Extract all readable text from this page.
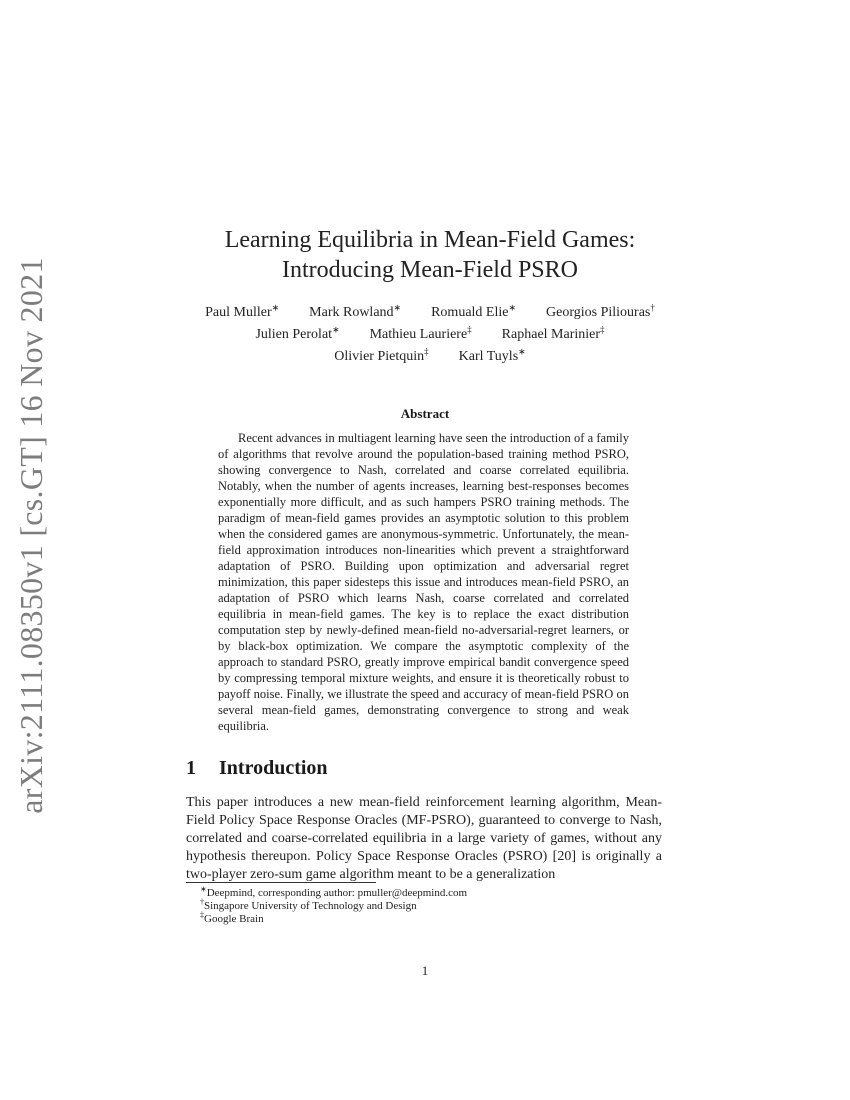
arXiv:2111.08350v1 [cs.GT] 16 Nov 2021
Learning Equilibria in Mean-Field Games:
Introducing Mean-Field PSRO
Paul Muller∗ Mark Rowland∗ Romuald Elie∗ Georgios Piliouras†
Julien Perolat∗ Mathieu Lauriere‡ Raphael Marinier‡
Olivier Pietquin‡ Karl Tuyls∗
Abstract

Recent advances in multiagent learning have seen the introduction of a family of algorithms that revolve around the population-based training method PSRO, showing convergence to Nash, correlated and coarse correlated equilibria. Notably, when the number of agents increases, learning best-responses becomes exponentially more difficult, and as such hampers PSRO training methods. The paradigm of mean-field games provides an asymptotic solution to this problem when the considered games are anonymous-symmetric. Unfortunately, the mean-field approximation introduces non-linearities which prevent a straightforward adaptation of PSRO. Building upon optimization and adversarial regret minimization, this paper sidesteps this issue and introduces mean-field PSRO, an adaptation of PSRO which learns Nash, coarse correlated and correlated equilibria in mean-field games. The key is to replace the exact distribution computation step by newly-defined mean-field no-adversarial-regret learners, or by black-box optimization. We compare the asymptotic complexity of the approach to standard PSRO, greatly improve empirical bandit convergence speed by compressing temporal mixture weights, and ensure it is theoretically robust to payoff noise. Finally, we illustrate the speed and accuracy of mean-field PSRO on several mean-field games, demonstrating convergence to strong and weak equilibria.

1 Introduction

This paper introduces a new mean-field reinforcement learning algorithm, Mean-Field Policy Space Response Oracles (MF-PSRO), guaranteed to converge to Nash, correlated and coarse-correlated equilibria in a large variety of games, without any hypothesis thereupon. Policy Space Response Oracles (PSRO) [20] is originally a two-player zero-sum game algorithm meant to be a generalization

∗Deepmind, corresponding author: pmuller@deepmind.com
†Singapore University of Technology and Design
‡Google Brain
1
